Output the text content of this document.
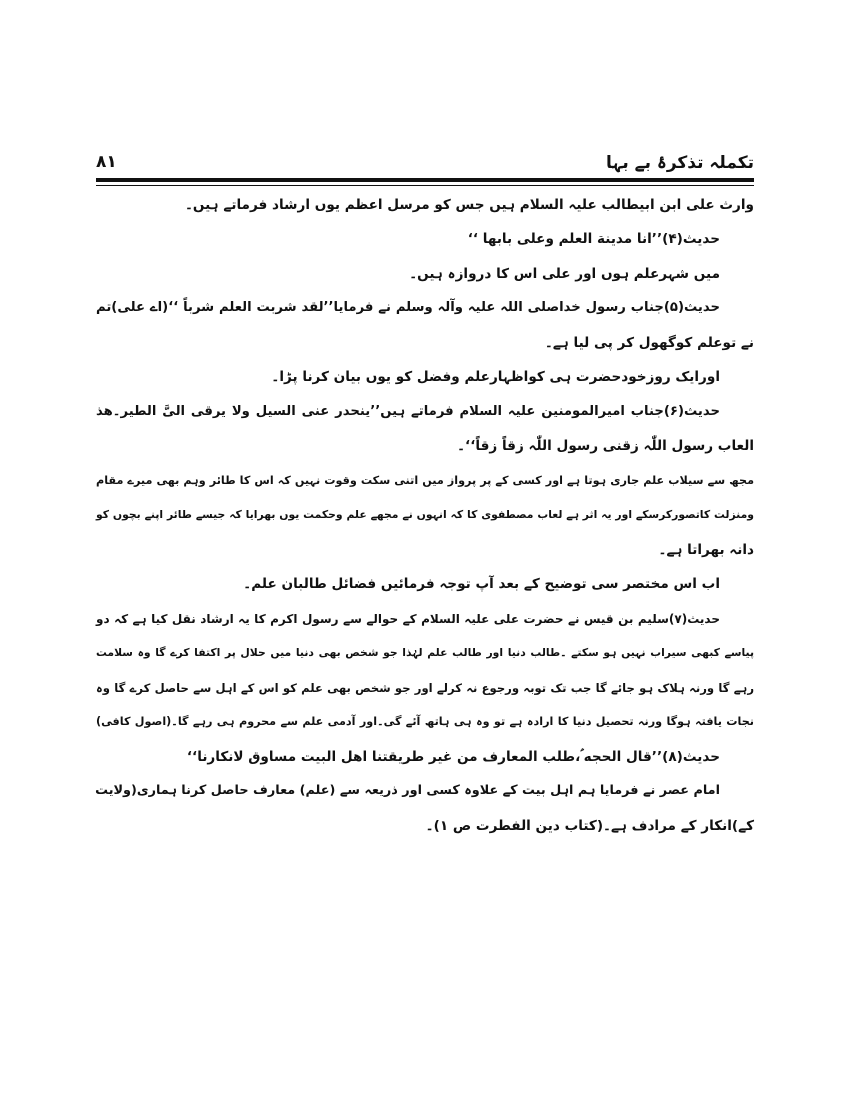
۸۱	تکملہ تذکرۂ بے بہا
وارث علی ابن ابیطالب علیہ السلام ہیں جس کو مرسل اعظم یوں ارشاد فرماتے ہیں۔
حدیث(۴)’’انا مدینة العلم وعلی بابها ‘‘
میں شہرعلم ہوں اور علی اس کا دروازہ ہیں۔
حدیث(۵)جناب رسول خداصلی اللہ علیہ وآلہ وسلم نے فرمایا’’لقد شربت العلم شرباً ‘‘(اے علی)تم
نے توعلم کوگھول کر پی لیا ہے۔
اورایک روزخودحضرت ہی کواظہارعلم وفضل کو یوں بیان کرنا پڑا۔
حدیث(۶)جناب امیرالمومنین علیہ السلام فرماتے ہیں’’ینحدر عنی السیل ولا یرقی الیَّ الطیر۔هذ
العاب رسول اللّٰہ زقنی رسول اللّٰہ زقاً زقاً‘‘۔
مجھ سے سیلاب علم جاری ہوتا ہے اور کسی کے پر پرواز میں اتنی سکت وقوت نہیں کہ اس کا طائر وہم بھی میرے مقام
ومنزلت کاتصورکرسکے اور یہ اثر ہے لعاب مصطفوی کا کہ انہوں نے مجھے علم وحکمت یوں بھرایا کہ جیسے طائر اپنے بچوں کو
دانہ بھراتا ہے۔
اب اس مختصر سی توضیح کے بعد آپ توجہ فرمائیں فضائل طالبان علم۔
حدیث(۷)سلیم بن قیس نے حضرت علی علیہ السلام کے حوالے سے رسول اکرم کا یہ ارشاد نقل کیا ہے کہ دو
پیاسے کبھی سیراب نہیں ہو سکتے ۔طالب دنیا اور طالب علم لہٰذا جو شخص بھی دنیا میں حلال پر اکتفا کرے گا وہ سلامت
رہے گا ورنہ ہلاک ہو جائے گا جب تک توبہ ورجوع نہ کرلے اور جو شخص بھی علم کو اس کے اہل سے حاصل کرے گا وہ
نجات یافتہ ہوگا ورنہ تحصیل دنیا کا ارادہ ہے تو وہ ہی ہاتھ آئے گی۔اور آدمی علم سے محروم ہی رہے گا۔(اصول کافی)
حدیث(۸)’’قال الحجه ؑ،طلب المعارف من غير طريقتنا اهل البيت مساوق لانكارنا‘‘
امام عصر نے فرمایا ہم اہل بیت کے علاوہ کسی اور ذریعہ سے (علم) معارف حاصل کرنا ہماری(ولایت
کے)انکار کے مرادف ہے۔(کتاب دین الفطرت ص ۱)۔
